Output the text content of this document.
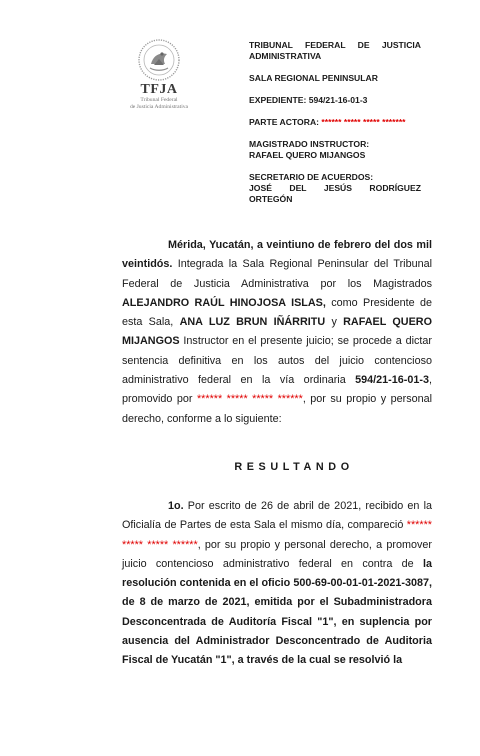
TFJA
Tribunal Federal
de Justicia Administrativa
TRIBUNAL FEDERAL DE JUSTICIA
ADMINISTRATIVA
SALA REGIONAL PENINSULAR
EXPEDIENTE: 594/21-16-01-3
PARTE ACTORA: ****** ***** ***** *******
MAGISTRADO INSTRUCTOR:
RAFAEL QUERO MIJANGOS
SECRETARIO DE ACUERDOS:
JOSÉ DEL JESÚS RODRÍGUEZ
ORTEGÓN

Mérida, Yucatán, a veintiuno de febrero del dos mil veintidós. Integrada la Sala Regional Peninsular del Tribunal Federal de Justicia Administrativa por los Magistrados ALEJANDRO RAÚL HINOJOSA ISLAS, como Presidente de esta Sala, ANA LUZ BRUN IÑÁRRITU y RAFAEL QUERO MIJANGOS Instructor en el presente juicio; se procede a dictar sentencia definitiva en los autos del juicio contencioso administrativo federal en la vía ordinaria 594/21-16-01-3, promovido por ****** ***** ***** ******, por su propio y personal derecho, conforme a lo siguiente:

RESULTANDO

1o. Por escrito de 26 de abril de 2021, recibido en la Oficialía de Partes de esta Sala el mismo día, compareció ****** ***** ***** ******, por su propio y personal derecho, a promover juicio contencioso administrativo federal en contra de la resolución contenida en el oficio 500-69-00-01-01-2021-3087, de 8 de marzo de 2021, emitida por el Subadministradora Desconcentrada de Auditoría Fiscal "1", en suplencia por ausencia del Administrador Desconcentrado de Auditoria Fiscal de Yucatán "1", a través de la cual se resolvió la
